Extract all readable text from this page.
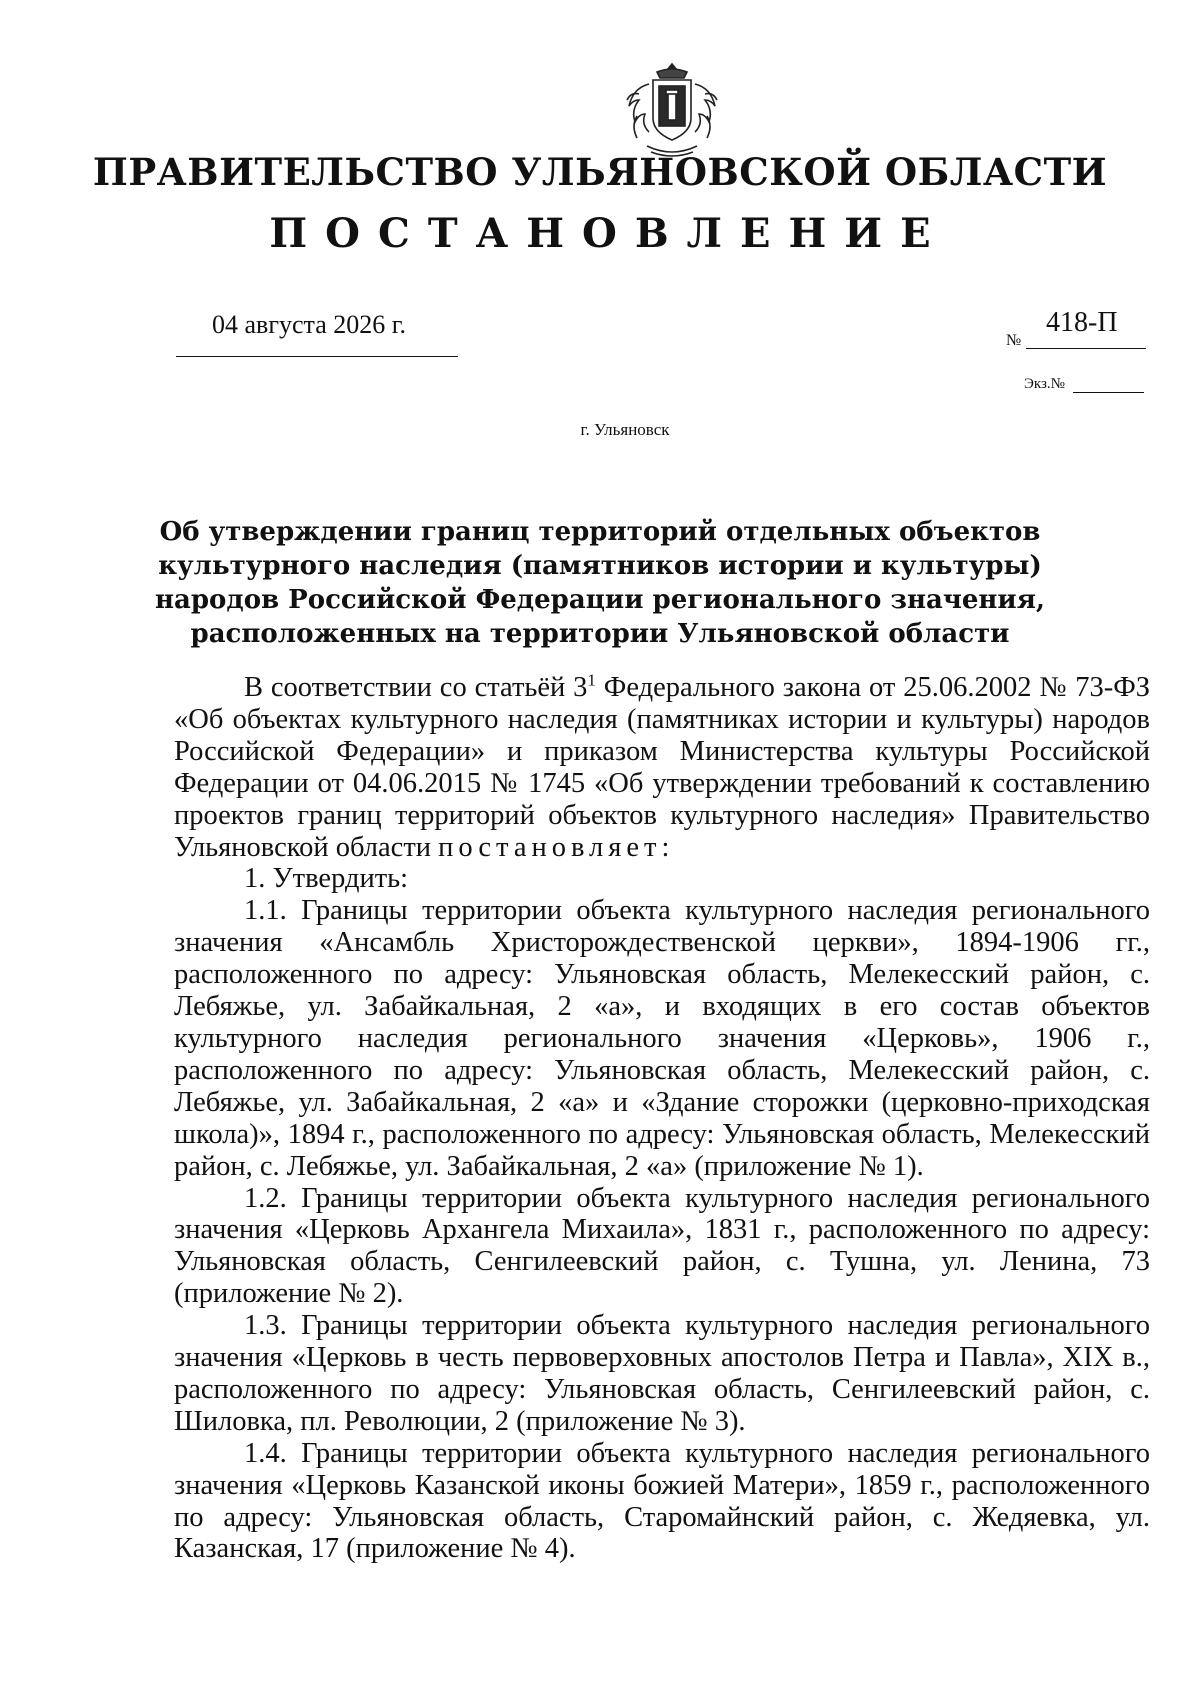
ПРАВИТЕЛЬСТВО УЛЬЯНОВСКОЙ ОБЛАСТИ
ПОСТАНОВЛЕНИЕ
04 августа 2026 г.
№
418-П
Экз.№
г. Ульяновск
Об утверждении границ территорий отдельных объектов культурного наследия (памятников истории и культуры) народов Российской Федерации регионального значения, расположенных на территории Ульяновской области

В соответствии со статьёй $3^1$ Федерального закона от 25.06.2002 № 73-ФЗ «Об объектах культурного наследия (памятниках истории и культуры) народов Российской Федерации» и приказом Министерства культуры Российской Федерации от 04.06.2015 № 1745 «Об утверждении требований к составлению проектов границ территорий объектов культурного наследия» Правительство Ульяновской области постановляет:

1. Утвердить:

1.1. Границы территории объекта культурного наследия регионального значения «Ансамбль Христорождественской церкви», 1894-1906 гг., расположенного по адресу: Ульяновская область, Мелекесский район, с. Лебяжье, ул. Забайкальная, 2 «а», и входящих в его состав объектов культурного наследия регионального значения «Церковь», 1906 г., расположенного по адресу: Ульяновская область, Мелекесский район, с. Лебяжье, ул. Забайкальная, 2 «а» и «Здание сторожки (церковно-приходская школа)», 1894 г., расположенного по адресу: Ульяновская область, Мелекесский район, с. Лебяжье, ул. Забайкальная, 2 «а» (приложение № 1).

1.2. Границы территории объекта культурного наследия регионального значения «Церковь Архангела Михаила», 1831 г., расположенного по адресу: Ульяновская область, Сенгилеевский район, с. Тушна, ул. Ленина, 73 (приложение № 2).

1.3. Границы территории объекта культурного наследия регионального значения «Церковь в честь первоверховных апостолов Петра и Павла», XIX в., расположенного по адресу: Ульяновская область, Сенгилеевский район, с. Шиловка, пл. Революции, 2 (приложение № 3).

1.4. Границы территории объекта культурного наследия регионального значения «Церковь Казанской иконы божией Матери», 1859 г., расположенного по адресу: Ульяновская область, Старомайнский район, с. Жедяевка, ул. Казанская, 17 (приложение № 4).
